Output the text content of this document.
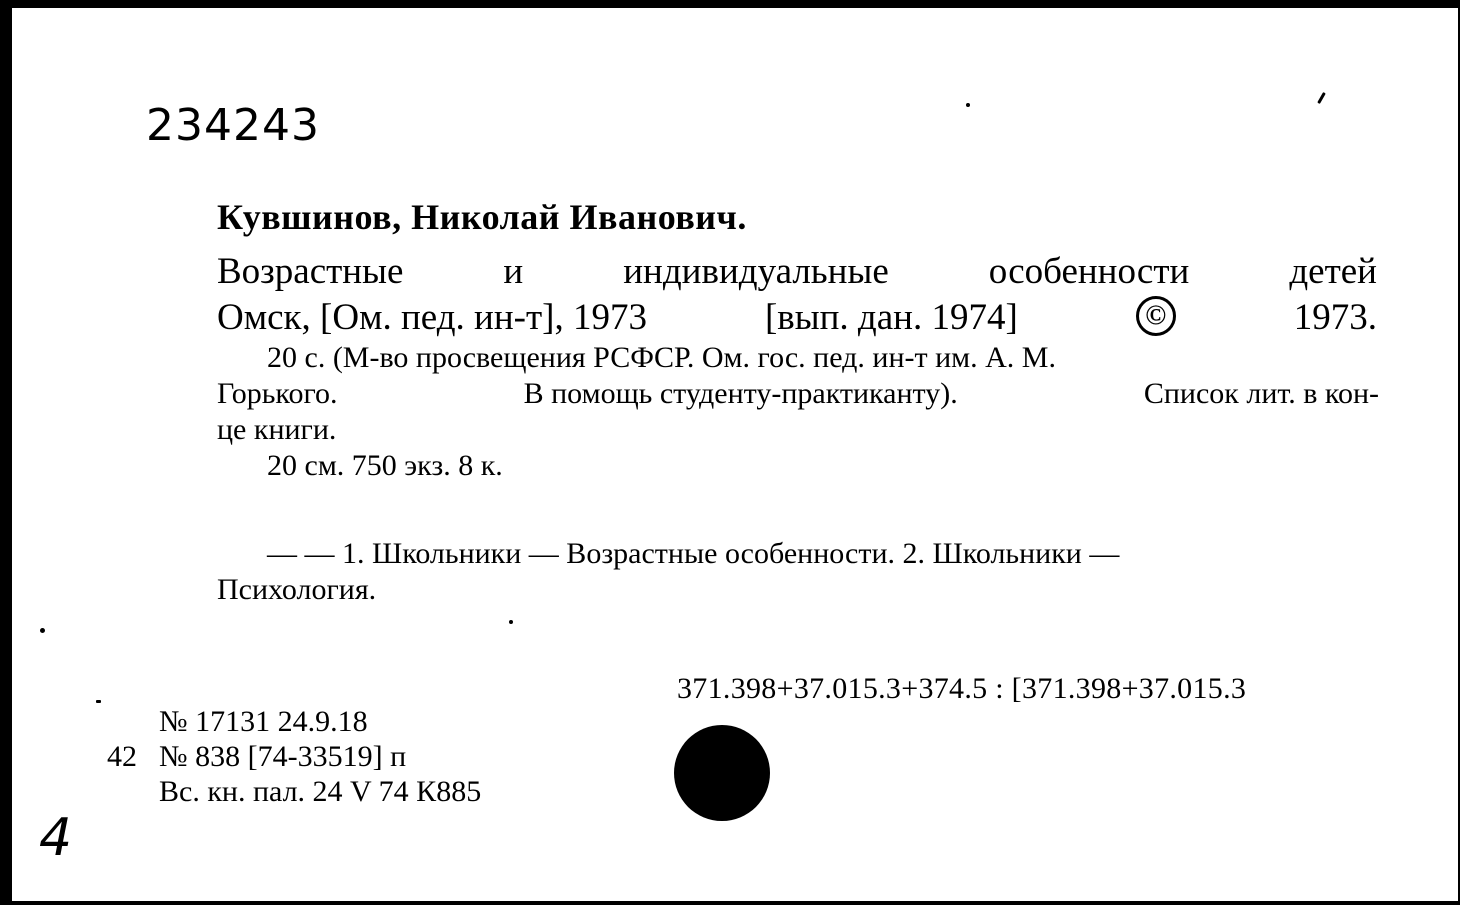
234243
4
Кувшинов, Николай Иванович.
Возрастные	и	индивидуальные	особенности	детей
Омск, [Ом. пед. ин-т], 1973	[вып. дан. 1974]	©	1973.
20 с. (М-во просвещения РСФСР. Ом. гос. пед. ин-т им. А. М.
Горького.	В помощь студенту-практиканту).	Список лит. в кон-
це книги.
20 см. 750 экз. 8 к.
— — 1. Школьники — Возрастные особенности. 2. Школьники —
Психология.
371.398+37.015.3+374.5 : [371.398+37.015.3
№ 17131 24.9.18
42 № 838 [74-33519] п
Вс. кн. пал. 24 V 74 К885
